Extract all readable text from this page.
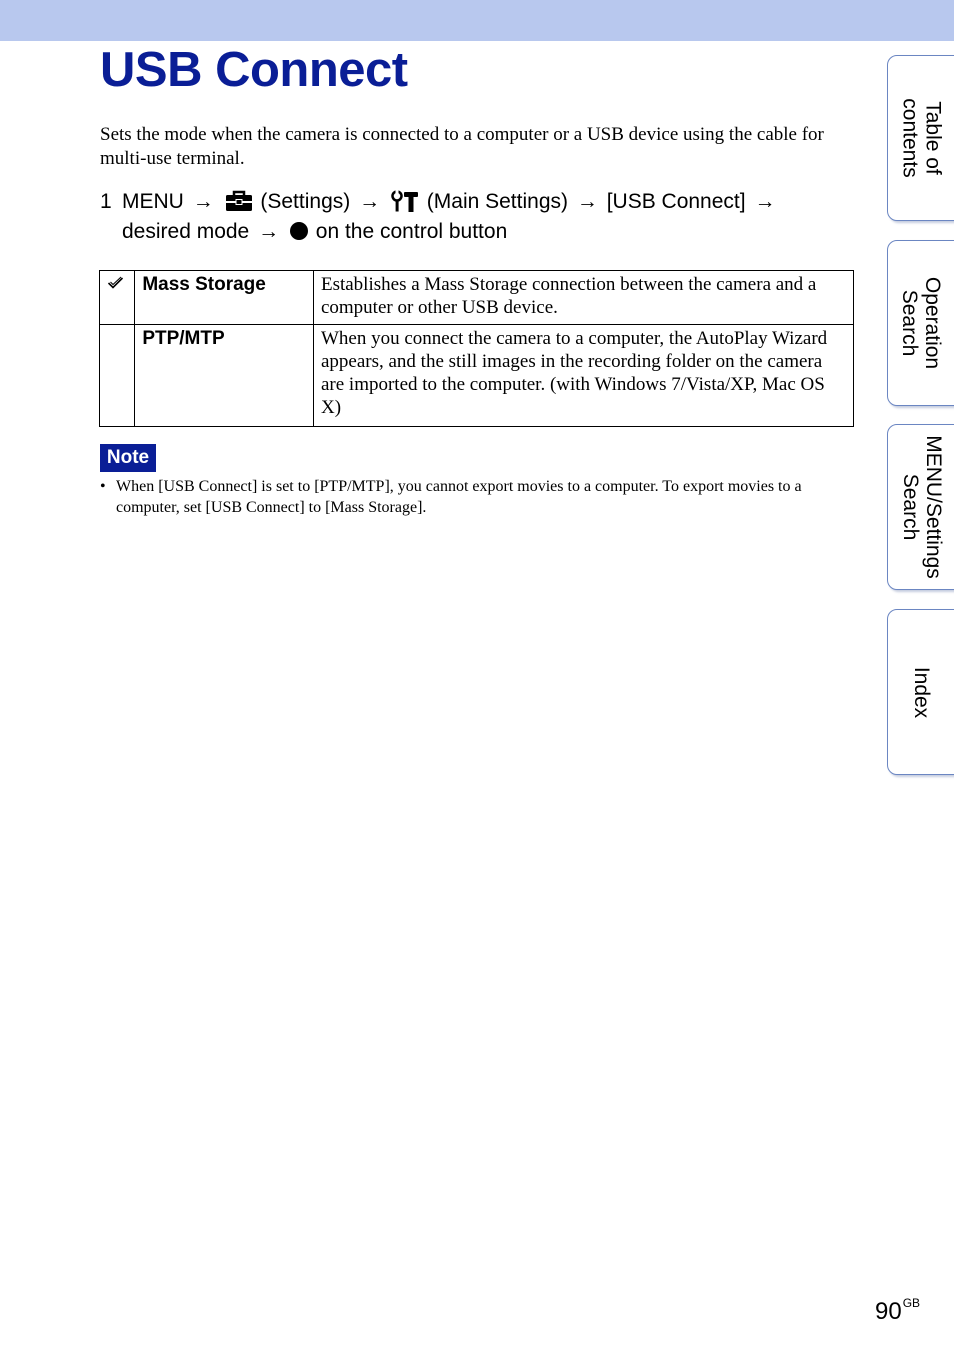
USB Connect

Sets the mode when the camera is connected to a computer or a USB device using the cable for multi-use terminal.

1 MENU → (Settings) → (Main Settings) → [USB Connect] →
desired mode → on the control button
	Mass Storage	Establishes a Mass Storage connection between the camera and a computer or other USB device.
	PTP/MTP	When you connect the camera to a computer, the AutoPlay Wizard appears, and the still images in the recording folder on the camera are imported to the computer. (with Windows 7/Vista/XP, Mac OS X)
Note
• When [USB Connect] is set to [PTP/MTP], you cannot export movies to a computer. To export movies to a computer, set [USB Connect] to [Mass Storage].
Table of
contents
Operation
Search
MENU/Settings
Search
Index
$90^{GB}$
